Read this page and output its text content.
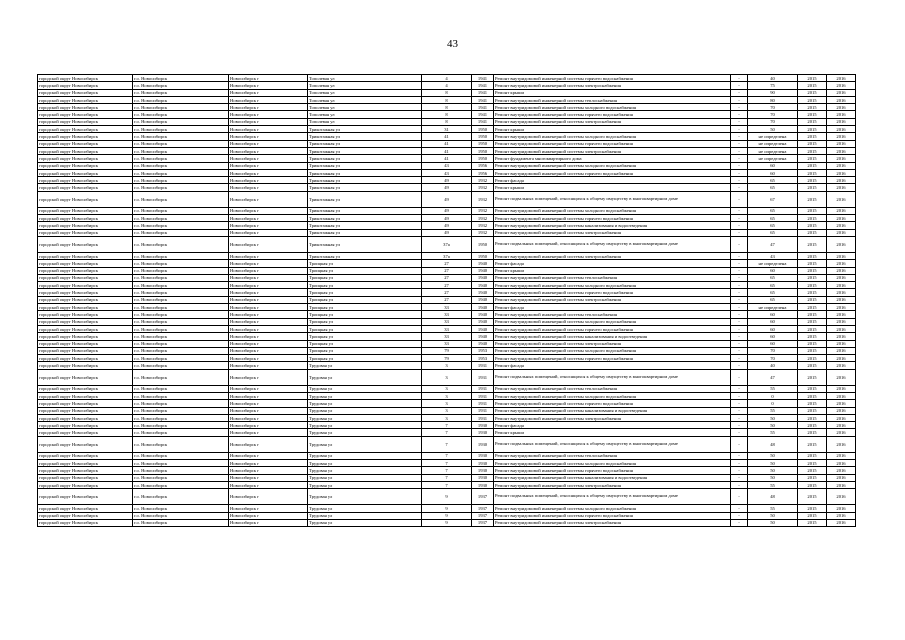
43
городской округ Новосибирск	г.о. Новосибирск	Новосибирск г	Тополевая ул	4	1941	Ремонт внутридомовой инженерной системы горячего водоснабжения	-	40	2015	2016
городской округ Новосибирск	г.о. Новосибирск	Новосибирск г	Тополевая ул	4	1941	Ремонт внутридомовой инженерной системы электроснабжения	-	75	2015	2016
городской округ Новосибирск	г.о. Новосибирск	Новосибирск г	Тополевая ул	8	1941	Ремонт крыши	-	90	2015	2016
городской округ Новосибирск	г.о. Новосибирск	Новосибирск г	Тополевая ул	8	1941	Ремонт внутридомовой инженерной системы теплоснабжения	-	80	2015	2016
городской округ Новосибирск	г.о. Новосибирск	Новосибирск г	Тополевая ул	8	1941	Ремонт внутридомовой инженерной системы холодного водоснабжения	-	70	2015	2016
городской округ Новосибирск	г.о. Новосибирск	Новосибирск г	Тополевая ул	8	1941	Ремонт внутридомовой инженерной системы горячего водоснабжения	-	70	2015	2016
городской округ Новосибирск	г.о. Новосибирск	Новосибирск г	Тополевая ул	8	1941	Ремонт внутридомовой инженерной системы электроснабжения	-	70	2015	2016
городской округ Новосибирск	г.о. Новосибирск	Новосибирск г	Трикотажная ул	31	1950	Ремонт крыши	-	50	2015	2016
городской округ Новосибирск	г.о. Новосибирск	Новосибирск г	Трикотажная ул	41	1950	Ремонт внутридомовой инженерной системы холодного водоснабжения	-	не определена	2015	2016
городской округ Новосибирск	г.о. Новосибирск	Новосибирск г	Трикотажная ул	41	1950	Ремонт внутридомовой инженерной системы горячего водоснабжения	-	не определена	2015	2016
городской округ Новосибирск	г.о. Новосибирск	Новосибирск г	Трикотажная ул	41	1950	Ремонт внутридомовой инженерной системы электроснабжения	-	не определена	2015	2016
городской округ Новосибирск	г.о. Новосибирск	Новосибирск г	Трикотажная ул	41	1950	Ремонт фундамента многоквартирного дома	-	не определена	2015	2016
городской округ Новосибирск	г.о. Новосибирск	Новосибирск г	Трикотажная ул	43	1956	Ремонт внутридомовой инженерной системы холодного водоснабжения	-	60	2015	2016
городской округ Новосибирск	г.о. Новосибирск	Новосибирск г	Трикотажная ул	43	1956	Ремонт внутридомовой инженерной системы горячего водоснабжения	-	60	2015	2016
городской округ Новосибирск	г.о. Новосибирск	Новосибирск г	Трикотажная ул	49	1932	Ремонт фасада	-	65	2015	2016
городской округ Новосибирск	г.о. Новосибирск	Новосибирск г	Трикотажная ул	49	1932	Ремонт крыши	-	65	2015	2016
городской округ Новосибирск	г.о. Новосибирск	Новосибирск г	Трикотажная ул	49	1932	Ремонт подвальных помещений, относящихся к общему имуществу в многоквартирном доме	-	67	2015	2016
городской округ Новосибирск	г.о. Новосибирск	Новосибирск г	Трикотажная ул	49	1932	Ремонт внутридомовой инженерной системы холодного водоснабжения	-	65	2015	2016
городской округ Новосибирск	г.о. Новосибирск	Новосибирск г	Трикотажная ул	49	1932	Ремонт внутридомовой инженерной системы горячего водоснабжения	-	65	2015	2016
городской округ Новосибирск	г.о. Новосибирск	Новосибирск г	Трикотажная ул	49	1932	Ремонт внутридомовой инженерной системы канализования и водоотведения	-	65	2015	2016
городской округ Новосибирск	г.о. Новосибирск	Новосибирск г	Трикотажная ул	49	1932	Ремонт внутридомовой инженерной системы электроснабжения	-	65	2015	2016
городской округ Новосибирск	г.о. Новосибирск	Новосибирск г	Трикотажная ул	37а	1950	Ремонт подвальных помещений, относящихся к общему имуществу в многоквартирном доме	-	47	2015	2016
городской округ Новосибирск	г.о. Новосибирск	Новосибирск г	Трикотажная ул	37а	1950	Ремонт внутридомовой инженерной системы электроснабжения	-	43	2015	2016
городской округ Новосибирск	г.о. Новосибирск	Новосибирск г	Троицкая ул	27	1940	Ремонт фасада	-	не определена	2015	2016
городской округ Новосибирск	г.о. Новосибирск	Новосибирск г	Троицкая ул	27	1940	Ремонт крыши	-	60	2015	2016
городской округ Новосибирск	г.о. Новосибирск	Новосибирск г	Троицкая ул	27	1940	Ремонт внутридомовой инженерной системы теплоснабжения	-	65	2015	2016
городской округ Новосибирск	г.о. Новосибирск	Новосибирск г	Троицкая ул	27	1940	Ремонт внутридомовой инженерной системы холодного водоснабжения	-	65	2015	2016
городской округ Новосибирск	г.о. Новосибирск	Новосибирск г	Троицкая ул	27	1940	Ремонт внутридомовой инженерной системы горячего водоснабжения	-	65	2015	2016
городской округ Новосибирск	г.о. Новосибирск	Новосибирск г	Троицкая ул	27	1940	Ремонт внутридомовой инженерной системы электроснабжения	-	65	2015	2016
городской округ Новосибирск	г.о. Новосибирск	Новосибирск г	Троицкая ул	33	1940	Ремонт фасада	-	не определена	2015	2016
городской округ Новосибирск	г.о. Новосибирск	Новосибирск г	Троицкая ул	33	1940	Ремонт внутридомовой инженерной системы теплоснабжения	-	60	2015	2016
городской округ Новосибирск	г.о. Новосибирск	Новосибирск г	Троицкая ул	33	1940	Ремонт внутридомовой инженерной системы холодного водоснабжения	-	60	2015	2016
городской округ Новосибирск	г.о. Новосибирск	Новосибирск г	Троицкая ул	33	1940	Ремонт внутридомовой инженерной системы горячего водоснабжения	-	60	2015	2016
городской округ Новосибирск	г.о. Новосибирск	Новосибирск г	Троицкая ул	33	1940	Ремонт внутридомовой инженерной системы канализования и водоотведения	-	60	2015	2016
городской округ Новосибирск	г.о. Новосибирск	Новосибирск г	Троицкая ул	33	1940	Ремонт внутридомовой инженерной системы электроснабжения	-	60	2015	2016
городской округ Новосибирск	г.о. Новосибирск	Новосибирск г	Троицкая ул	79	1953	Ремонт внутридомовой инженерной системы холодного водоснабжения	-	70	2015	2016
городской округ Новосибирск	г.о. Новосибирск	Новосибирск г	Троицкая ул	79	1953	Ремонт внутридомовой инженерной системы горячего водоснабжения	-	70	2015	2016
городской округ Новосибирск	г.о. Новосибирск	Новосибирск г	Трудовая ул	3	1931	Ремонт фасада	-	40	2015	2016
городской округ Новосибирск	г.о. Новосибирск	Новосибирск г	Трудовая ул	3	1931	Ремонт подвальных помещений, относящихся к общему имуществу в многоквартирном доме	-	47	2015	2016
городской округ Новосибирск	г.о. Новосибирск	Новосибирск г	Трудовая ул	3	1931	Ремонт внутридомовой инженерной системы теплоснабжения	-	55	2015	2016
городской округ Новосибирск	г.о. Новосибирск	Новосибирск г	Трудовая ул	3	1931	Ремонт внутридомовой инженерной системы холодного водоснабжения	-	0	2015	2016
городской округ Новосибирск	г.о. Новосибирск	Новосибирск г	Трудовая ул	3	1931	Ремонт внутридомовой инженерной системы горячего водоснабжения	-	0	2015	2016
городской округ Новосибирск	г.о. Новосибирск	Новосибирск г	Трудовая ул	3	1931	Ремонт внутридомовой инженерной системы канализования и водоотведения	-	55	2015	2016
городской округ Новосибирск	г.о. Новосибирск	Новосибирск г	Трудовая ул	3	1931	Ремонт внутридомовой инженерной системы электроснабжения	-	50	2015	2016
городской округ Новосибирск	г.о. Новосибирск	Новосибирск г	Трудовая ул	7	1930	Ремонт фасада	-	50	2015	2016
городской округ Новосибирск	г.о. Новосибирск	Новосибирск г	Трудовая ул	7	1930	Ремонт крыши	-	55	2015	2016
городской округ Новосибирск	г.о. Новосибирск	Новосибирск г	Трудовая ул	7	1930	Ремонт подвальных помещений, относящихся к общему имуществу в многоквартирном доме	-	48	2015	2016
городской округ Новосибирск	г.о. Новосибирск	Новосибирск г	Трудовая ул	7	1930	Ремонт внутридомовой инженерной системы теплоснабжения	-	50	2015	2016
городской округ Новосибирск	г.о. Новосибирск	Новосибирск г	Трудовая ул	7	1930	Ремонт внутридомовой инженерной системы холодного водоснабжения	-	50	2015	2016
городской округ Новосибирск	г.о. Новосибирск	Новосибирск г	Трудовая ул	7	1930	Ремонт внутридомовой инженерной системы горячего водоснабжения	-	50	2015	2016
городской округ Новосибирск	г.о. Новосибирск	Новосибирск г	Трудовая ул	7	1930	Ремонт внутридомовой инженерной системы канализования и водоотведения	-	50	2015	2016
городской округ Новосибирск	г.о. Новосибирск	Новосибирск г	Трудовая ул	7	1930	Ремонт внутридомовой инженерной системы электроснабжения	-	55	2015	2016
городской округ Новосибирск	г.о. Новосибирск	Новосибирск г	Трудовая ул	9	1937	Ремонт подвальных помещений, относящихся к общему имуществу в многоквартирном доме	-	48	2015	2016
городской округ Новосибирск	г.о. Новосибирск	Новосибирск г	Трудовая ул	9	1937	Ремонт внутридомовой инженерной системы холодного водоснабжения	-	55	2015	2016
городской округ Новосибирск	г.о. Новосибирск	Новосибирск г	Трудовая ул	9	1937	Ремонт внутридомовой инженерной системы горячего водоснабжения	-	50	2015	2016
городской округ Новосибирск	г.о. Новосибирск	Новосибирск г	Трудовая ул	9	1937	Ремонт внутридомовой инженерной системы электроснабжения	-	50	2015	2016
